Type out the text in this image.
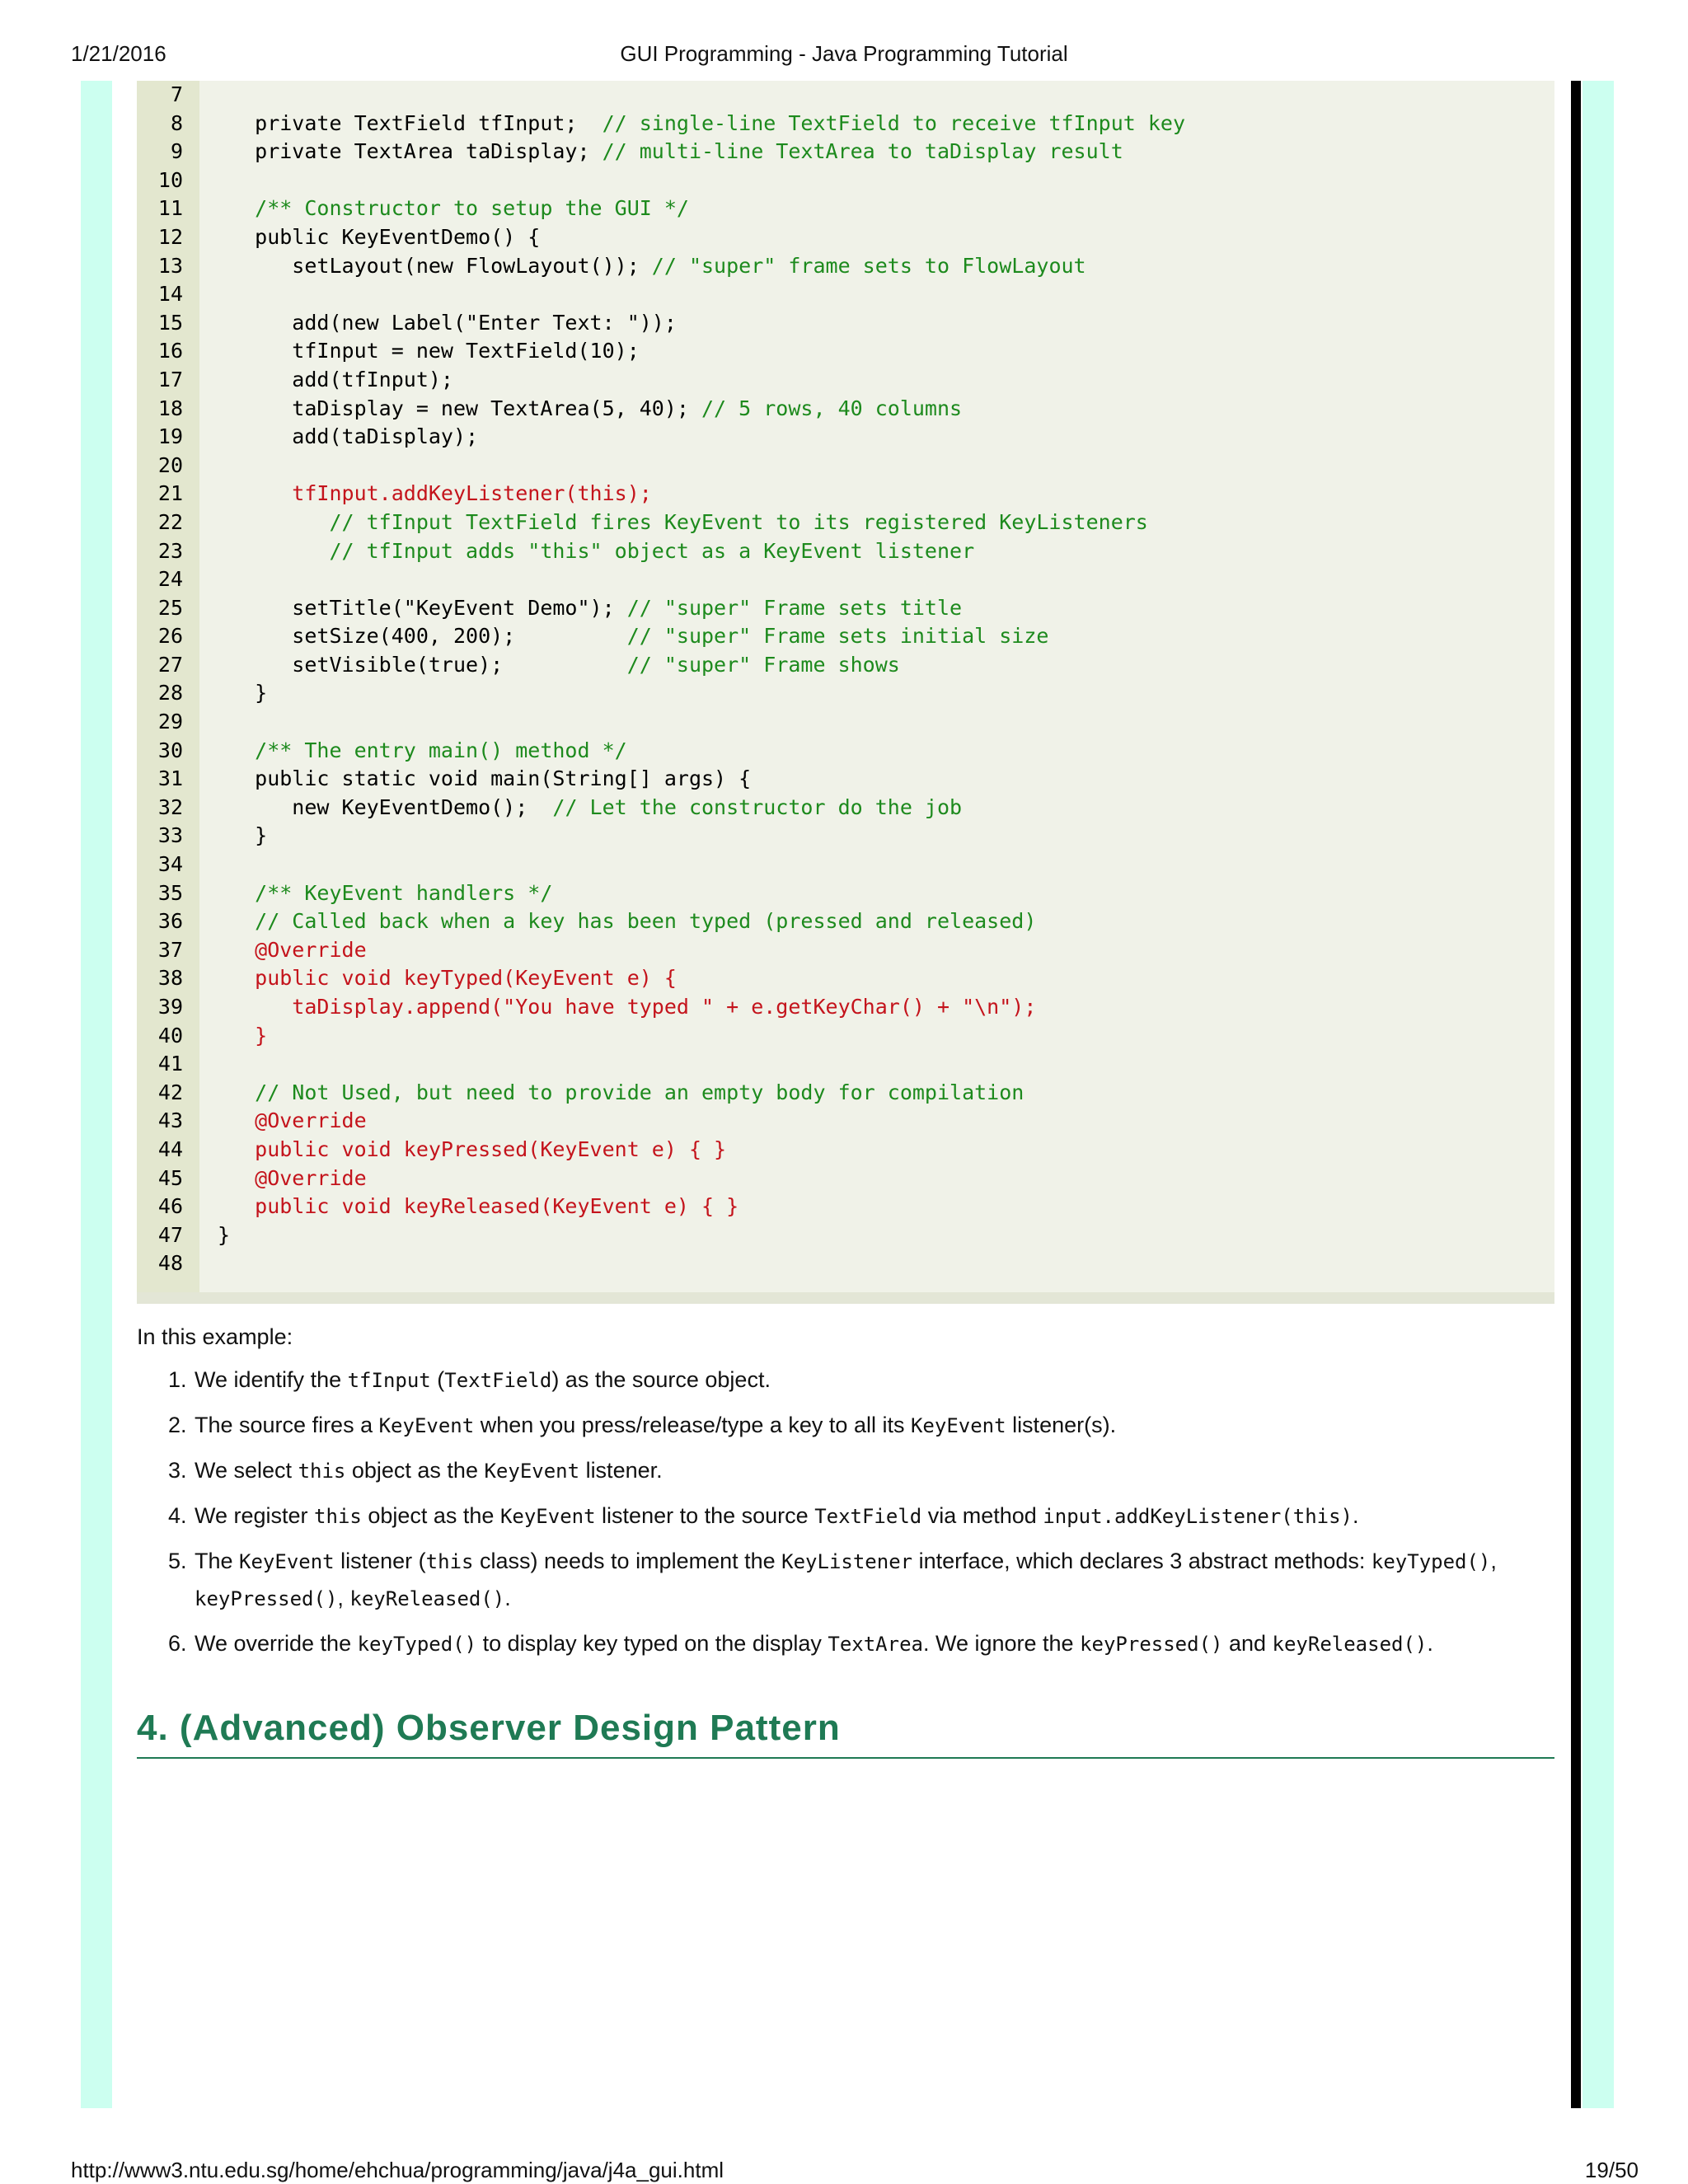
1/21/2016	GUI Programming - Java Programming Tutorial
7
8 private TextField tfInput;  // single-line TextField to receive tfInput key
9 private TextArea taDisplay; // multi-line TextArea to taDisplay result
10
11 /** Constructor to setup the GUI */
12 public KeyEventDemo() {
13 setLayout(new FlowLayout()); // "super" frame sets to FlowLayout
14
15 add(new Label("Enter Text: "));
16 tfInput = new TextField(10);
17 add(tfInput);
18 taDisplay = new TextArea(5, 40); // 5 rows, 40 columns
19 add(taDisplay);
20
21 tfInput.addKeyListener(this);
22 // tfInput TextField fires KeyEvent to its registered KeyListeners
23 // tfInput adds "this" object as a KeyEvent listener
24
25 setTitle("KeyEvent Demo"); // "super" Frame sets title
26 setSize(400, 200);         // "super" Frame sets initial size
27 setVisible(true);          // "super" Frame shows
28 }
29
30 /** The entry main() method */
31 public static void main(String[] args) {
32 new KeyEventDemo();  // Let the constructor do the job
33 }
34
35 /** KeyEvent handlers */
36 // Called back when a key has been typed (pressed and released)
37 @Override
38 public void keyTyped(KeyEvent e) {
39 taDisplay.append("You have typed " + e.getKeyChar() + "\n");
40 }
41
42 // Not Used, but need to provide an empty body for compilation
43 @Override
44 public void keyPressed(KeyEvent e) { }
45 @Override
46 public void keyReleased(KeyEvent e) { }
47 }
48

In this example:

1. We identify the tfInput (TextField) as the source object.
2. The source fires a KeyEvent when you press/release/type a key to all its KeyEvent listener(s).
3. We select this object as the KeyEvent listener.
4. We register this object as the KeyEvent listener to the source TextField via method input.addKeyListener(this).
5. The KeyEvent listener (this class) needs to implement the KeyListener interface, which declares 3 abstract methods: keyTyped(), keyPressed(), keyReleased().
6. We override the keyTyped() to display key typed on the display TextArea. We ignore the keyPressed() and keyReleased().
4. (Advanced) Observer Design Pattern
http://www3.ntu.edu.sg/home/ehchua/programming/java/j4a_gui.html	19/50
